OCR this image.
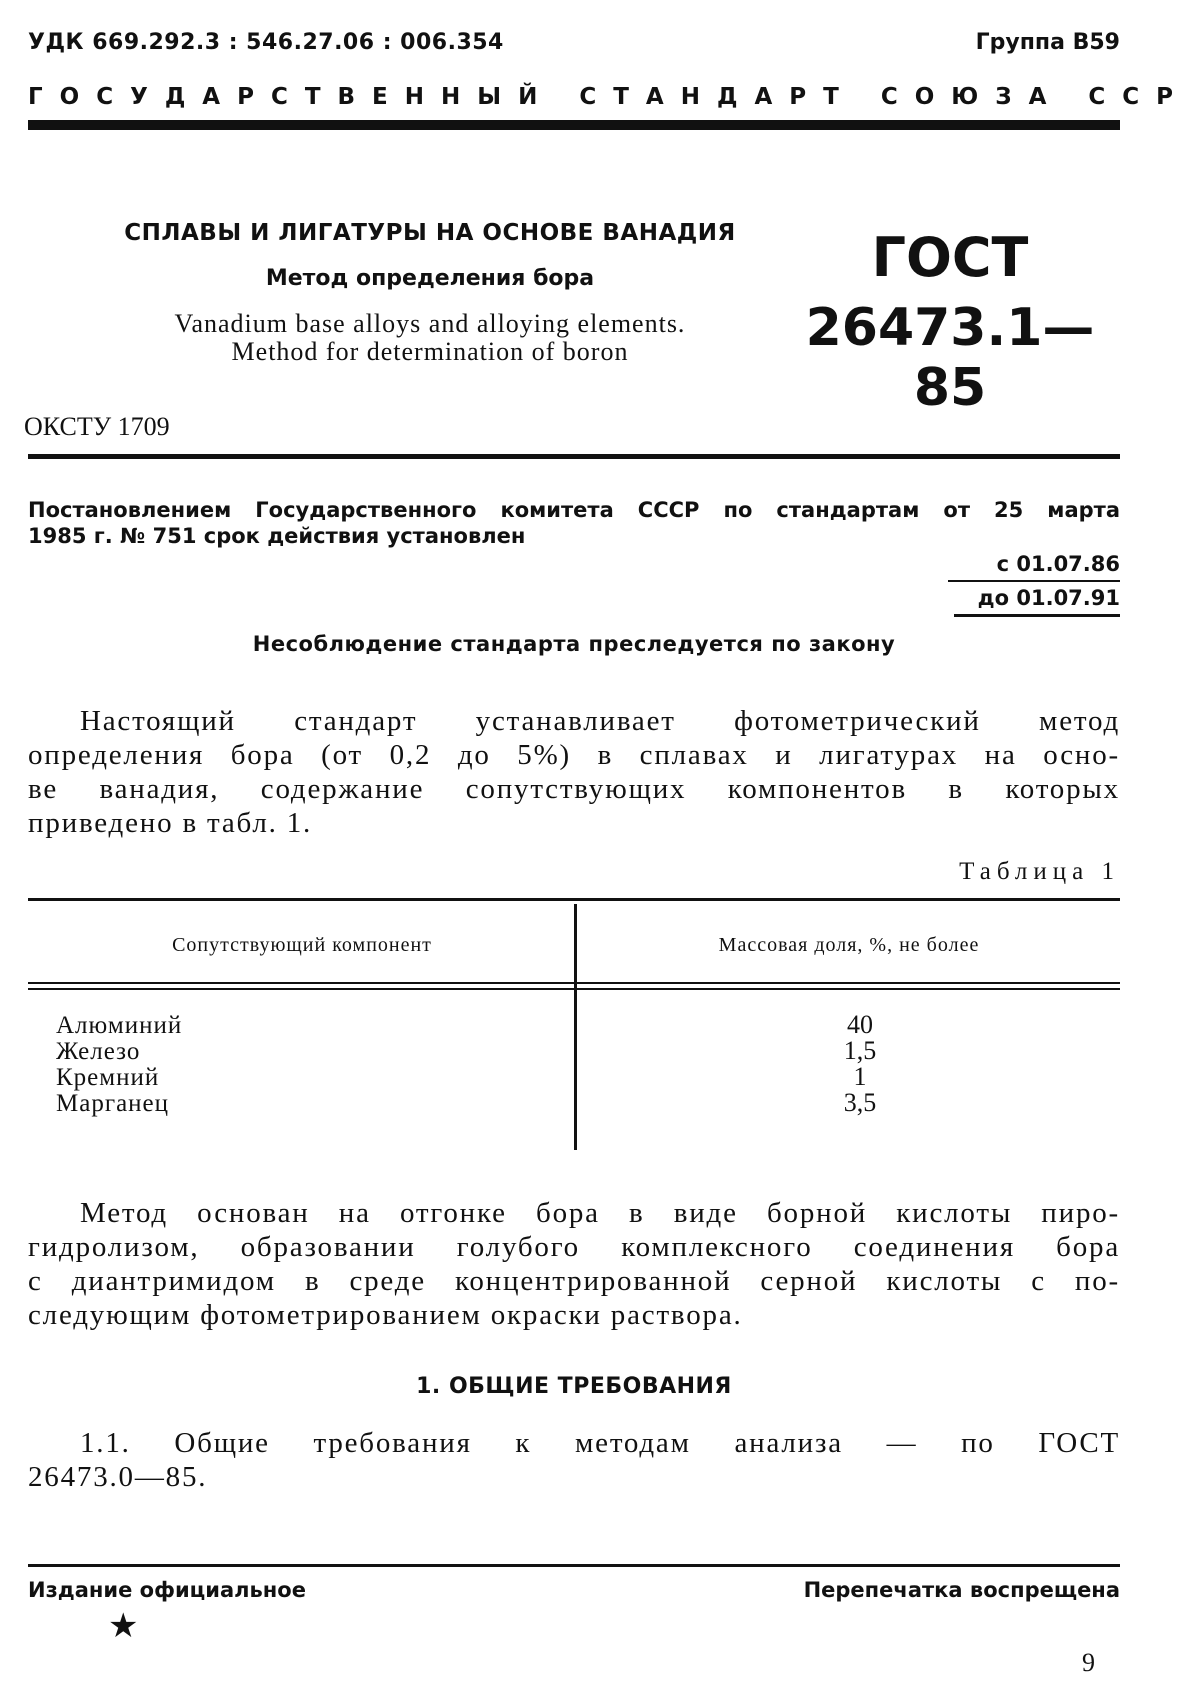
УДК 669.292.3 : 546.27.06 : 006.354	Группа В59
ГОСУДАРСТВЕННЫЙ СТАНДАРТ СОЮЗА ССР
СПЛАВЫ И ЛИГАТУРЫ НА ОСНОВЕ ВАНАДИЯ
Метод определения бора
Vanadium base alloys and alloying elements.
Method for determination of boron
ГОСТ
26473.1—85
ОКСТУ 1709
Постановлением Государственного комитета СССР по стандартам от 25 марта
1985 г. № 751 срок действия установлен
с 01.07.86
до 01.07.91
Несоблюдение стандарта преследуется по закону
Настоящий стандарт устанавливает фотометрический метод
определения бора (от 0,2 до 5%) в сплавах и лигатурах на осно-
ве ванадия, содержание сопутствующих компонентов в которых
приведено в табл. 1.
Таблица 1
Сопутствующий компонент	Массовая доля, %, не более
Алюминий	40
Железо	1,5
Кремний	1
Марганец	3,5
Метод основан на отгонке бора в виде борной кислоты пиро-
гидролизом, образовании голубого комплексного соединения бора
с диантримидом в среде концентрированной серной кислоты с по-
следующим фотометрированием окраски раствора.
1. ОБЩИЕ ТРЕБОВАНИЯ
1.1. Общие требования к методам анализа — по ГОСТ
26473.0—85.
Издание официальное
★
Перепечатка воспрещена
9
